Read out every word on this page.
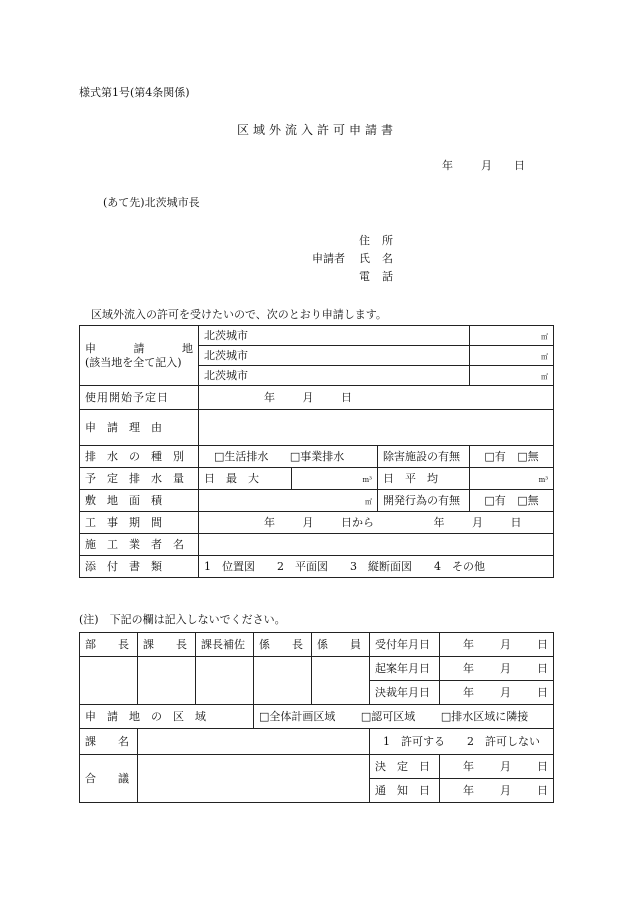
様式第1号(第4条関係)
区域外流入許可申請書
年	月 日
(あて先)北茨城市長
申請者
住 所
氏 名
電 話
区域外流入の許可を受けたいので、次のとおり申請します。
申 請 地
(該当地を全て記入)	北茨城市			㎡
	北茨城市			㎡
	北茨城市			㎡
使用開始予定日	年 月 日			
申　請　理　由				
排　水　の　種　別	□生活排水 □事業排水		除害施設の有無	□有 □無
予　定　排　水　量	日　最　大	m³	日　平　均	m³
敷　地　面　積	㎡		開発行為の有無	□有 □無
工　事　期　間	年 月 日から 年 月 日			
施　工　業　者　名				
添　付　書　類	1　位置図　　2　平面図　　3　縦断面図　　4　その他			
(注)　下記の欄は記入しないでください。
部　　長	課　　長	課長補佐	係　　長	係　　員	受付年月日	年 月 日

					起案年月日	年 月 日

					決裁年月日	年 月 日

申　請　地　の　区　域			□全体計画区域 □認可区域 □排水区域に隣接			
課　　名					1　許可する　　2　許可しない	
合　　議					決　定　日	年 月 日

					通　知　日	年 月 日
